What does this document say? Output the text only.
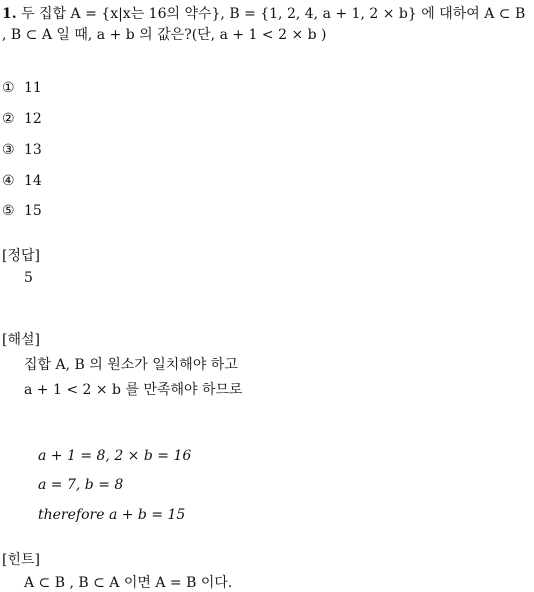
1. 두 집합 A = {x|x는 16의 약수}, B = {1, 2, 4, a + 1, 2 × b} 에 대하여 A ⊂ B
, B ⊂ A 일 때, a + b 의 값은?(단, a + 1 < 2 × b )
① 11
② 12
③ 13
④ 14
⑤ 15
[정답]
5
[해설]
집합 A, B 의 원소가 일치해야 하고
a + 1 < 2 × b 를 만족해야 하므로
a + 1 = 8, 2 × b = 16
a = 7, b = 8
therefore a + b = 15
[힌트]
A ⊂ B , B ⊂ A 이면 A = B 이다.
